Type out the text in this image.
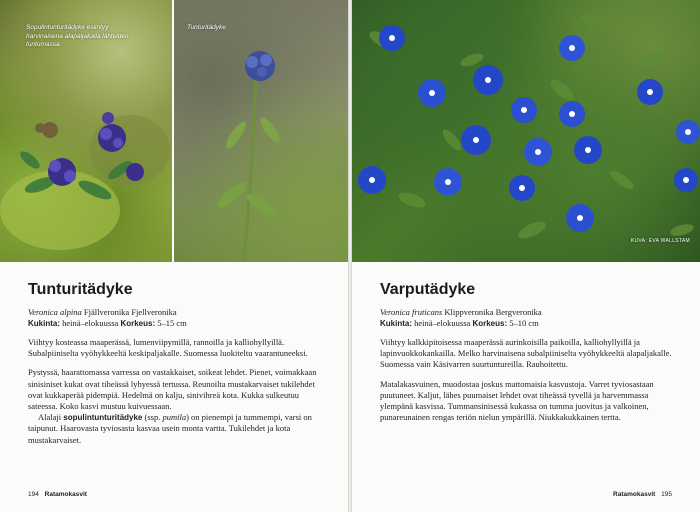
Sopulintunturitädyke esiintyy harvinaisena alapaljakalla lähteiden tuntumassa.
Tunturitädyke
Tunturitädyke
Veronica alpina Fjällveronika Fjellveronika
Kukinta: heinä–elokuussa Korkeus: 5–15 cm

Viihtyy kosteassa maaperässä, lumenviipymillä, rannoilla ja kalliohyllyillä. Subalpiiniselta vyöhykkeeltä keskipaljakalle. Suomessa luokiteltu vaarantuneeksi.

Pystyssä, haarattomassa varressa on vastakkaiset, soikeat lehdet. Pienet, voimakkaan sinisiniset kukat ovat tiheässä lyhyessä tertussa. Reunoilta mustakarvaiset tukilehdet ovat kukkaperää pidempiä. Hedelmä on kalju, sinivihreä kota. Kukka sulkeutuu sateessa. Koko kasvi mustuu kuivuessaan.

Alalaji sopulintunturitädyke (ssp. pumila) on pienempi ja tummempi, varsi on taipunut. Haarovasta tyviosasta kasvaa usein monta vartta. Tukilehdet ja kota mustakarvaiset.

194 Ratamokasvit
KUVA: EVA WALLSTAM
Varputädyke
Veronica fruticans Klippveronika Bergveronika
Kukinta: heinä–elokuussa Korkeus: 5–10 cm

Viihtyy kalkkipitoisessa maaperässä aurinkoisilla paikoilla, kalliohyllyillä ja lapinvuokkokankailla. Melko harvinaisena subalpiiniselta vyöhykkeeltä alapaljakalle. Suomessa vain Käsivarren suurtuntureilla. Rauhoitettu.

Matalakasvuinen, muodostaa joskus mattomaisia kasvustoja. Varret tyviosastaan puutuneet. Kaljut, lähes puumaiset lehdet ovat tiheässä tyvellä ja harvemmassa ylempänä kasvissa. Tummansinisessä kukassa on tumma juovitus ja valkoinen, punareunainen rengas teriön nielun ympärillä. Niukkakukkainen tertta.

Ratamokasvit 195
